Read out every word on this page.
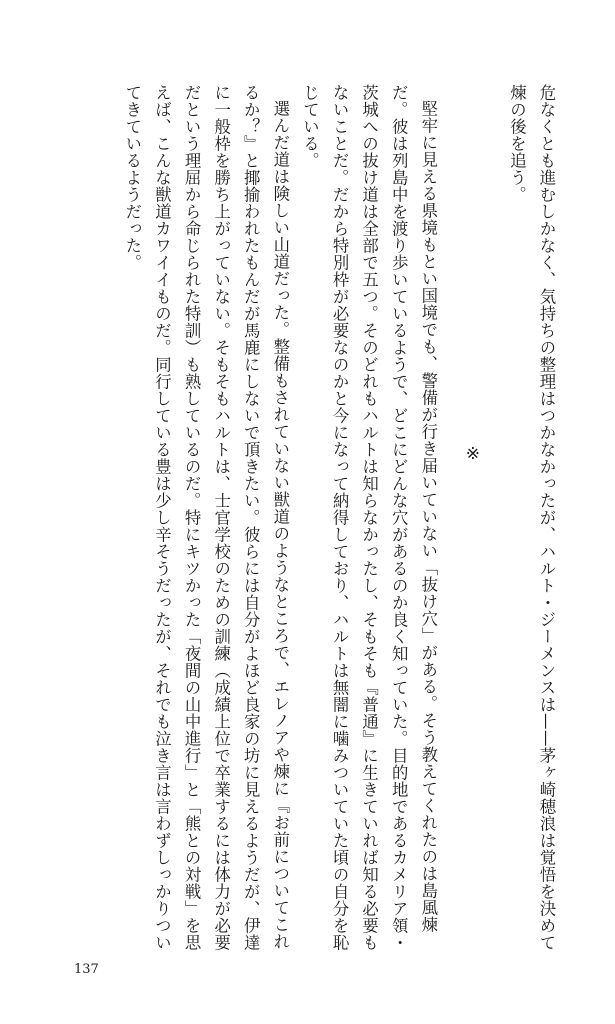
危なくとも進むしかなく、気持ちの整理はつかなかったが、ハルト・ジーメンスは——茅ヶ崎穂浪は覚悟を決めて煉の後を追う。

※

堅牢に見える県境もとい国境でも、警備が行き届いていない「抜け穴」がある。そう教えてくれたのは島風煉だ。彼は列島中を渡り歩いているようで、どこにどんな穴があるのか良く知っていた。目的地であるカメリア領・茨城への抜け道は全部で五つ。そのどれもハルトは知らなかったし、そもそも『普通』に生きていれば知る必要もないことだ。だから特別枠が必要なのかと今になって納得しており、ハルトは無闇に噛みついていた頃の自分を恥じている。

選んだ道は険しい山道だった。整備もされていない獣道のようなところで、エレノアや煉に『お前についてこれるか？』と揶揄われたもんだが馬鹿にしないで頂きたい。彼らには自分がよほど良家の坊に見えるようだが、伊達に一般枠を勝ち上がっていない。そもそもハルトは、士官学校のための訓練（成績上位で卒業するには体力が必要だという理屈から命じられた特訓）も熟しているのだ。特にキツかった「夜間の山中進行」と「熊との対戦」を思えば、こんな獣道カワイイものだ。同行している豊は少し辛そうだったが、それでも泣き言は言わずしっかりついてきているようだった。

137
